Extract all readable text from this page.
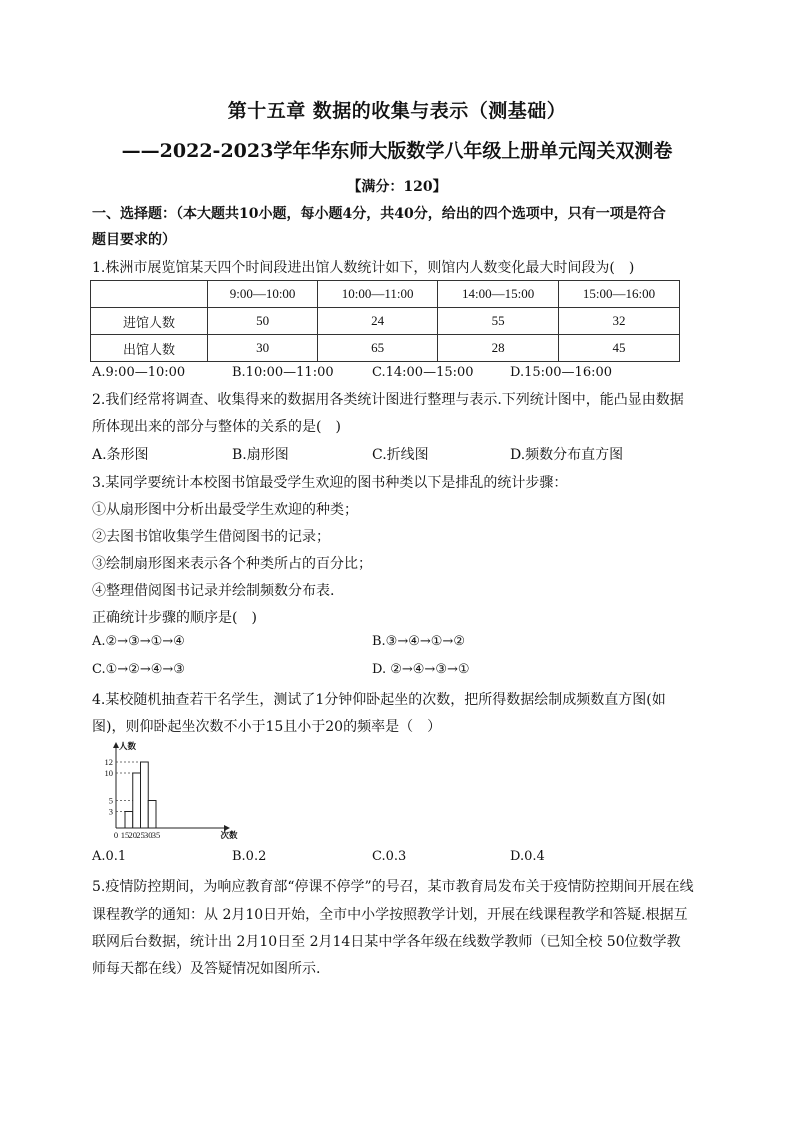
第十五章 数据的收集与表示（测基础）
——2022-2023学年华东师大版数学八年级上册单元闯关双测卷
【满分：120】
一、选择题：（本大题共10小题，每小题4分，共40分，给出的四个选项中，只有一项是符合
题目要求的）
1.株洲市展览馆某天四个时间段进出馆人数统计如下，则馆内人数变化最大时间段为(　)
	9:00—10:00	10:00—11:00	14:00—15:00	15:00—16:00
进馆人数	50	24	55	32
出馆人数	30	65	28	45
A.9:00—10:00	B.10:00—11:00	C.14:00—15:00	D.15:00—16:00
2.我们经常将调查、收集得来的数据用各类统计图进行整理与表示.下列统计图中，能凸显由数据
所体现出来的部分与整体的关系的是(　)
A.条形图	B.扇形图	C.折线图	D.频数分布直方图
3.某同学要统计本校图书馆最受学生欢迎的图书种类以下是排乱的统计步骤：
①从扇形图中分析出最受学生欢迎的种类；
②去图书馆收集学生借阅图书的记录；
③绘制扇形图来表示各个种类所占的百分比；
④整理借阅图书记录并绘制频数分布表.
正确统计步骤的顺序是(　)
A.②→③→①→④	B.③→④→①→②
C.①→②→④→③	D. ②→④→③→①
4.某校随机抽查若干名学生，测试了1分钟仰卧起坐的次数，把所得数据绘制成频数直方图(如
图)，则仰卧起坐次数不小于15且小于20的频率是（　）
3
5
10
12
0 15 20 25 30 35
人数
次数
A.0.1	B.0.2	C.0.3	D.0.4
5.疫情防控期间，为响应教育部“停课不停学”的号召，某市教育局发布关于疫情防控期间开展在线
课程教学的通知：从 2月10日开始，全市中小学按照教学计划，开展在线课程教学和答疑.根据互
联网后台数据，统计出 2月10日至 2月14日某中学各年级在线数学教师（已知全校 50位数学教
师每天都在线）及答疑情况如图所示.
